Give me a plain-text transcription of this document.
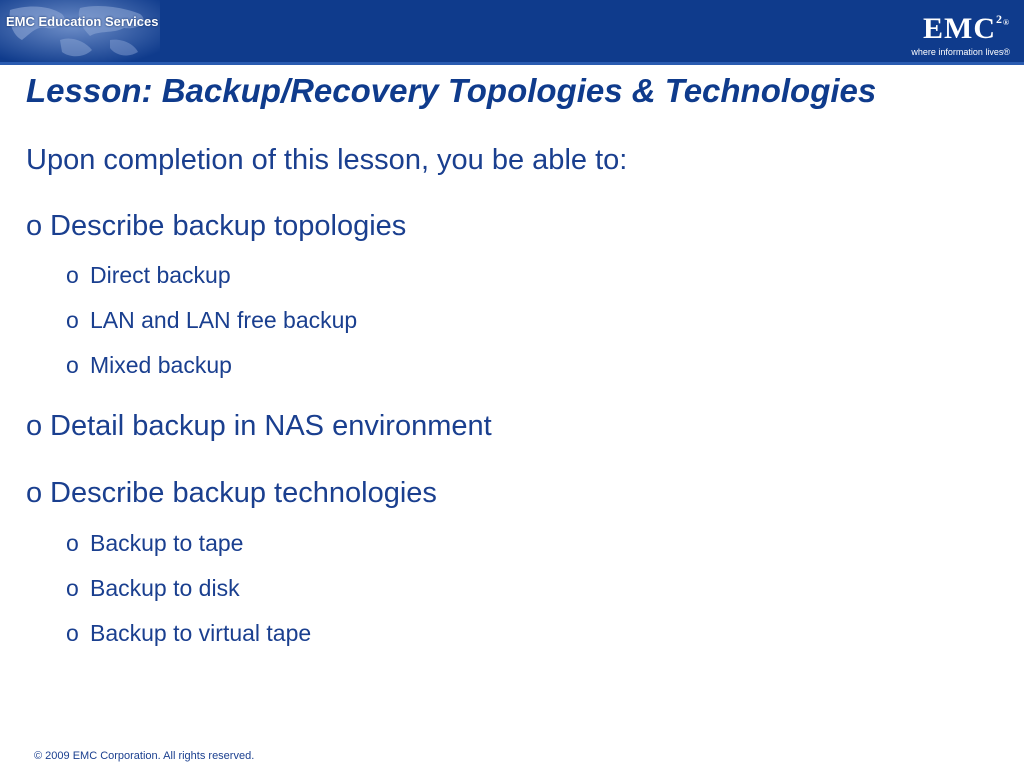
EMC Education Services	$EMC^{2®}$
where information lives®
Lesson: Backup/Recovery Topologies & Technologies
Upon completion of this lesson, you be able to:
o Describe backup topologies
o Direct backup
o LAN and LAN free backup
o Mixed backup
o Detail backup in NAS environment
o Describe backup technologies
o Backup to tape
o Backup to disk
o Backup to virtual tape
© 2009 EMC Corporation. All rights reserved.
